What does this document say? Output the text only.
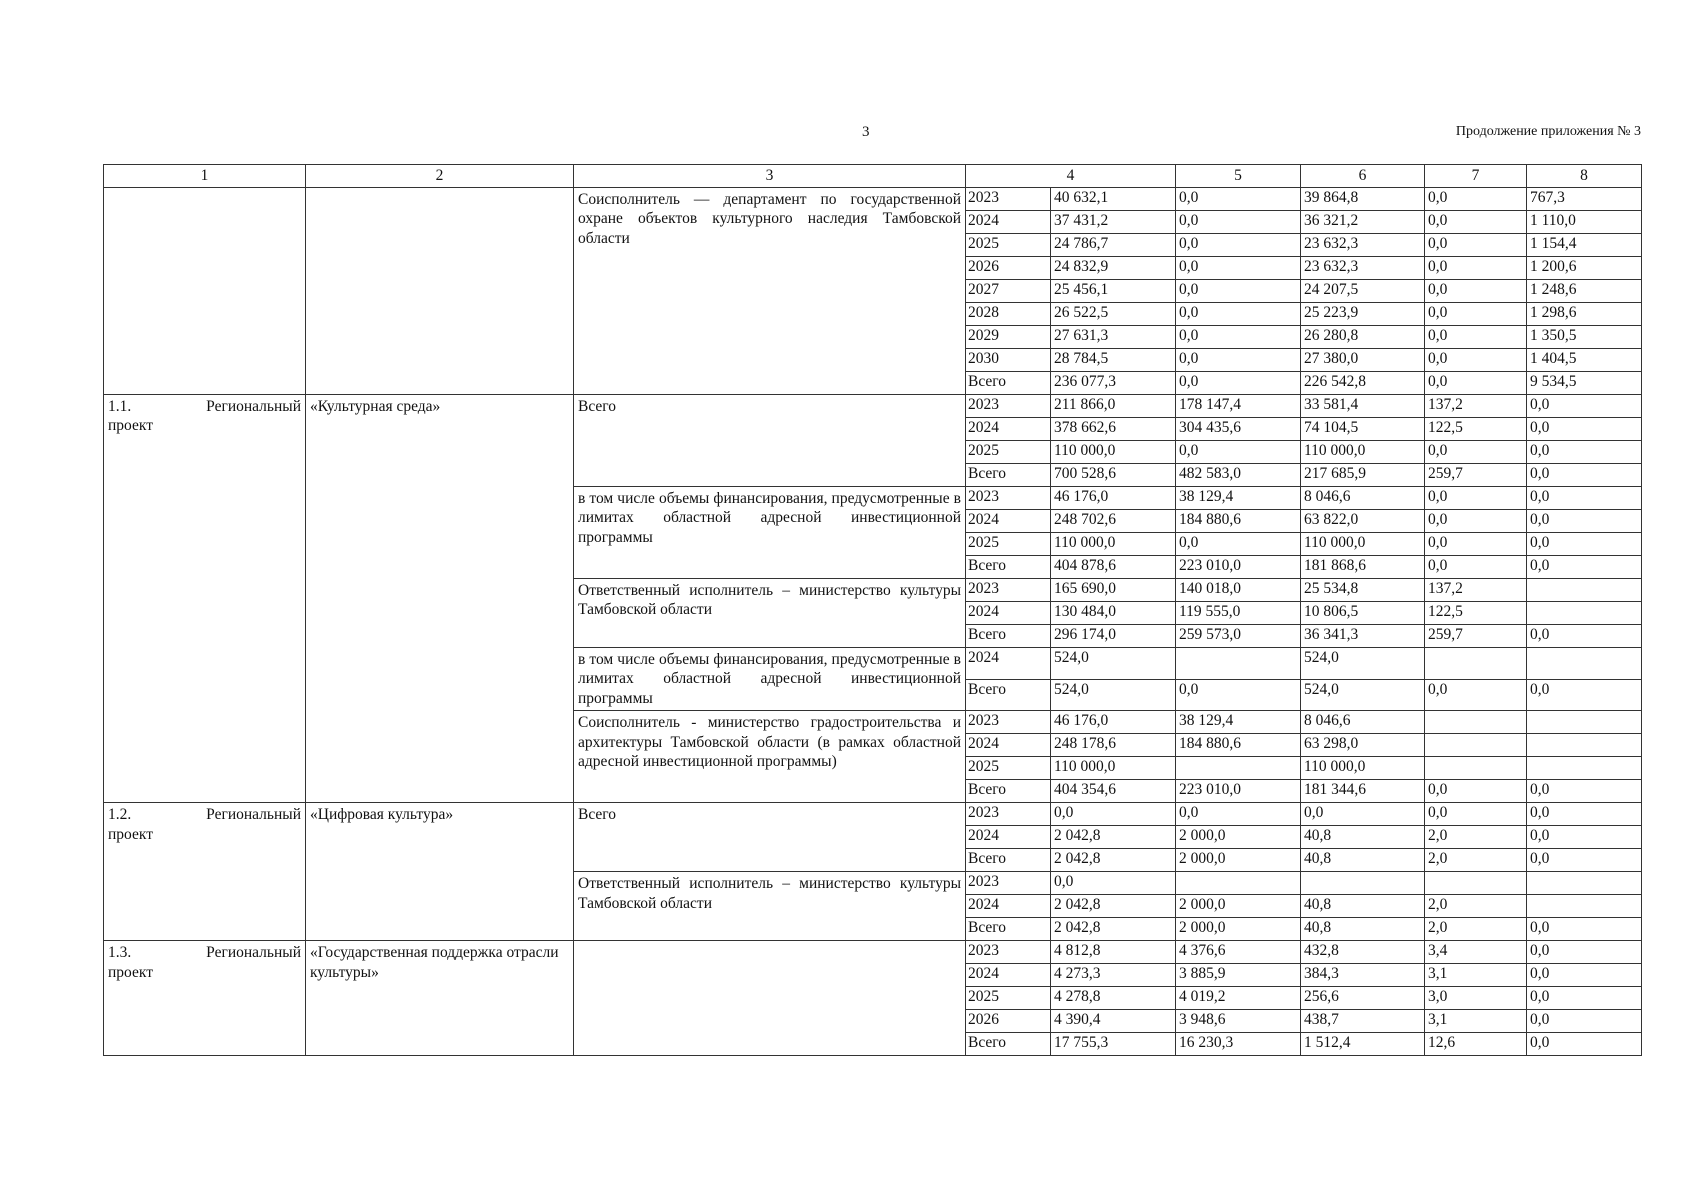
3	Продолжение приложения № 3
1	2	3	4		5	6	7	8
		Соисполнитель — департамент по государственной охране объектов культурного наследия Тамбовской области	2023	40 632,1	0,0	39 864,8	0,0	767,3
			2024	37 431,2	0,0	36 321,2	0,0	1 110,0
			2025	24 786,7	0,0	23 632,3	0,0	1 154,4
			2026	24 832,9	0,0	23 632,3	0,0	1 200,6
			2027	25 456,1	0,0	24 207,5	0,0	1 248,6
			2028	26 522,5	0,0	25 223,9	0,0	1 298,6
			2029	27 631,3	0,0	26 280,8	0,0	1 350,5
			2030	28 784,5	0,0	27 380,0	0,0	1 404,5
			Всего	236 077,3	0,0	226 542,8	0,0	9 534,5

1.1. Региональный
проект	«Культурная среда»	Всего	2023	211 866,0	178 147,4	33 581,4	137,2	0,0
			2024	378 662,6	304 435,6	74 104,5	122,5	0,0
			2025	110 000,0	0,0	110 000,0	0,0	0,0
			Всего	700 528,6	482 583,0	217 685,9	259,7	0,0
		в том числе объемы финансирования, предусмотренные в лимитах областной адресной инвестиционной программы	2023	46 176,0	38 129,4	8 046,6	0,0	0,0
			2024	248 702,6	184 880,6	63 822,0	0,0	0,0
			2025	110 000,0	0,0	110 000,0	0,0	0,0
			Всего	404 878,6	223 010,0	181 868,6	0,0	0,0
		Ответственный исполнитель – министерство культуры Тамбовской области	2023	165 690,0	140 018,0	25 534,8	137,2	
			2024	130 484,0	119 555,0	10 806,5	122,5	
			Всего	296 174,0	259 573,0	36 341,3	259,7	0,0
		в том числе объемы финансирования, предусмотренные в лимитах областной адресной инвестиционной программы	2024	524,0		524,0		
			Всего	524,0	0,0	524,0	0,0	0,0
		Соисполнитель - министерство градостроительства и архитектуры Тамбовской области (в рамках областной адресной инвестиционной программы)	2023	46 176,0	38 129,4	8 046,6		
			2024	248 178,6	184 880,6	63 298,0		
			2025	110 000,0		110 000,0		
			Всего	404 354,6	223 010,0	181 344,6	0,0	0,0

1.2. Региональный
проект	«Цифровая культура»	Всего	2023	0,0	0,0	0,0	0,0	0,0
			2024	2 042,8	2 000,0	40,8	2,0	0,0
			Всего	2 042,8	2 000,0	40,8	2,0	0,0
		Ответственный исполнитель – министерство культуры Тамбовской области	2023	0,0				
			2024	2 042,8	2 000,0	40,8	2,0	
			Всего	2 042,8	2 000,0	40,8	2,0	0,0

1.3. Региональный
проект	«Государственная поддержка отрасли культуры»		2023	4 812,8	4 376,6	432,8	3,4	0,0
			2024	4 273,3	3 885,9	384,3	3,1	0,0
			2025	4 278,8	4 019,2	256,6	3,0	0,0
			2026	4 390,4	3 948,6	438,7	3,1	0,0
			Всего	17 755,3	16 230,3	1 512,4	12,6	0,0
